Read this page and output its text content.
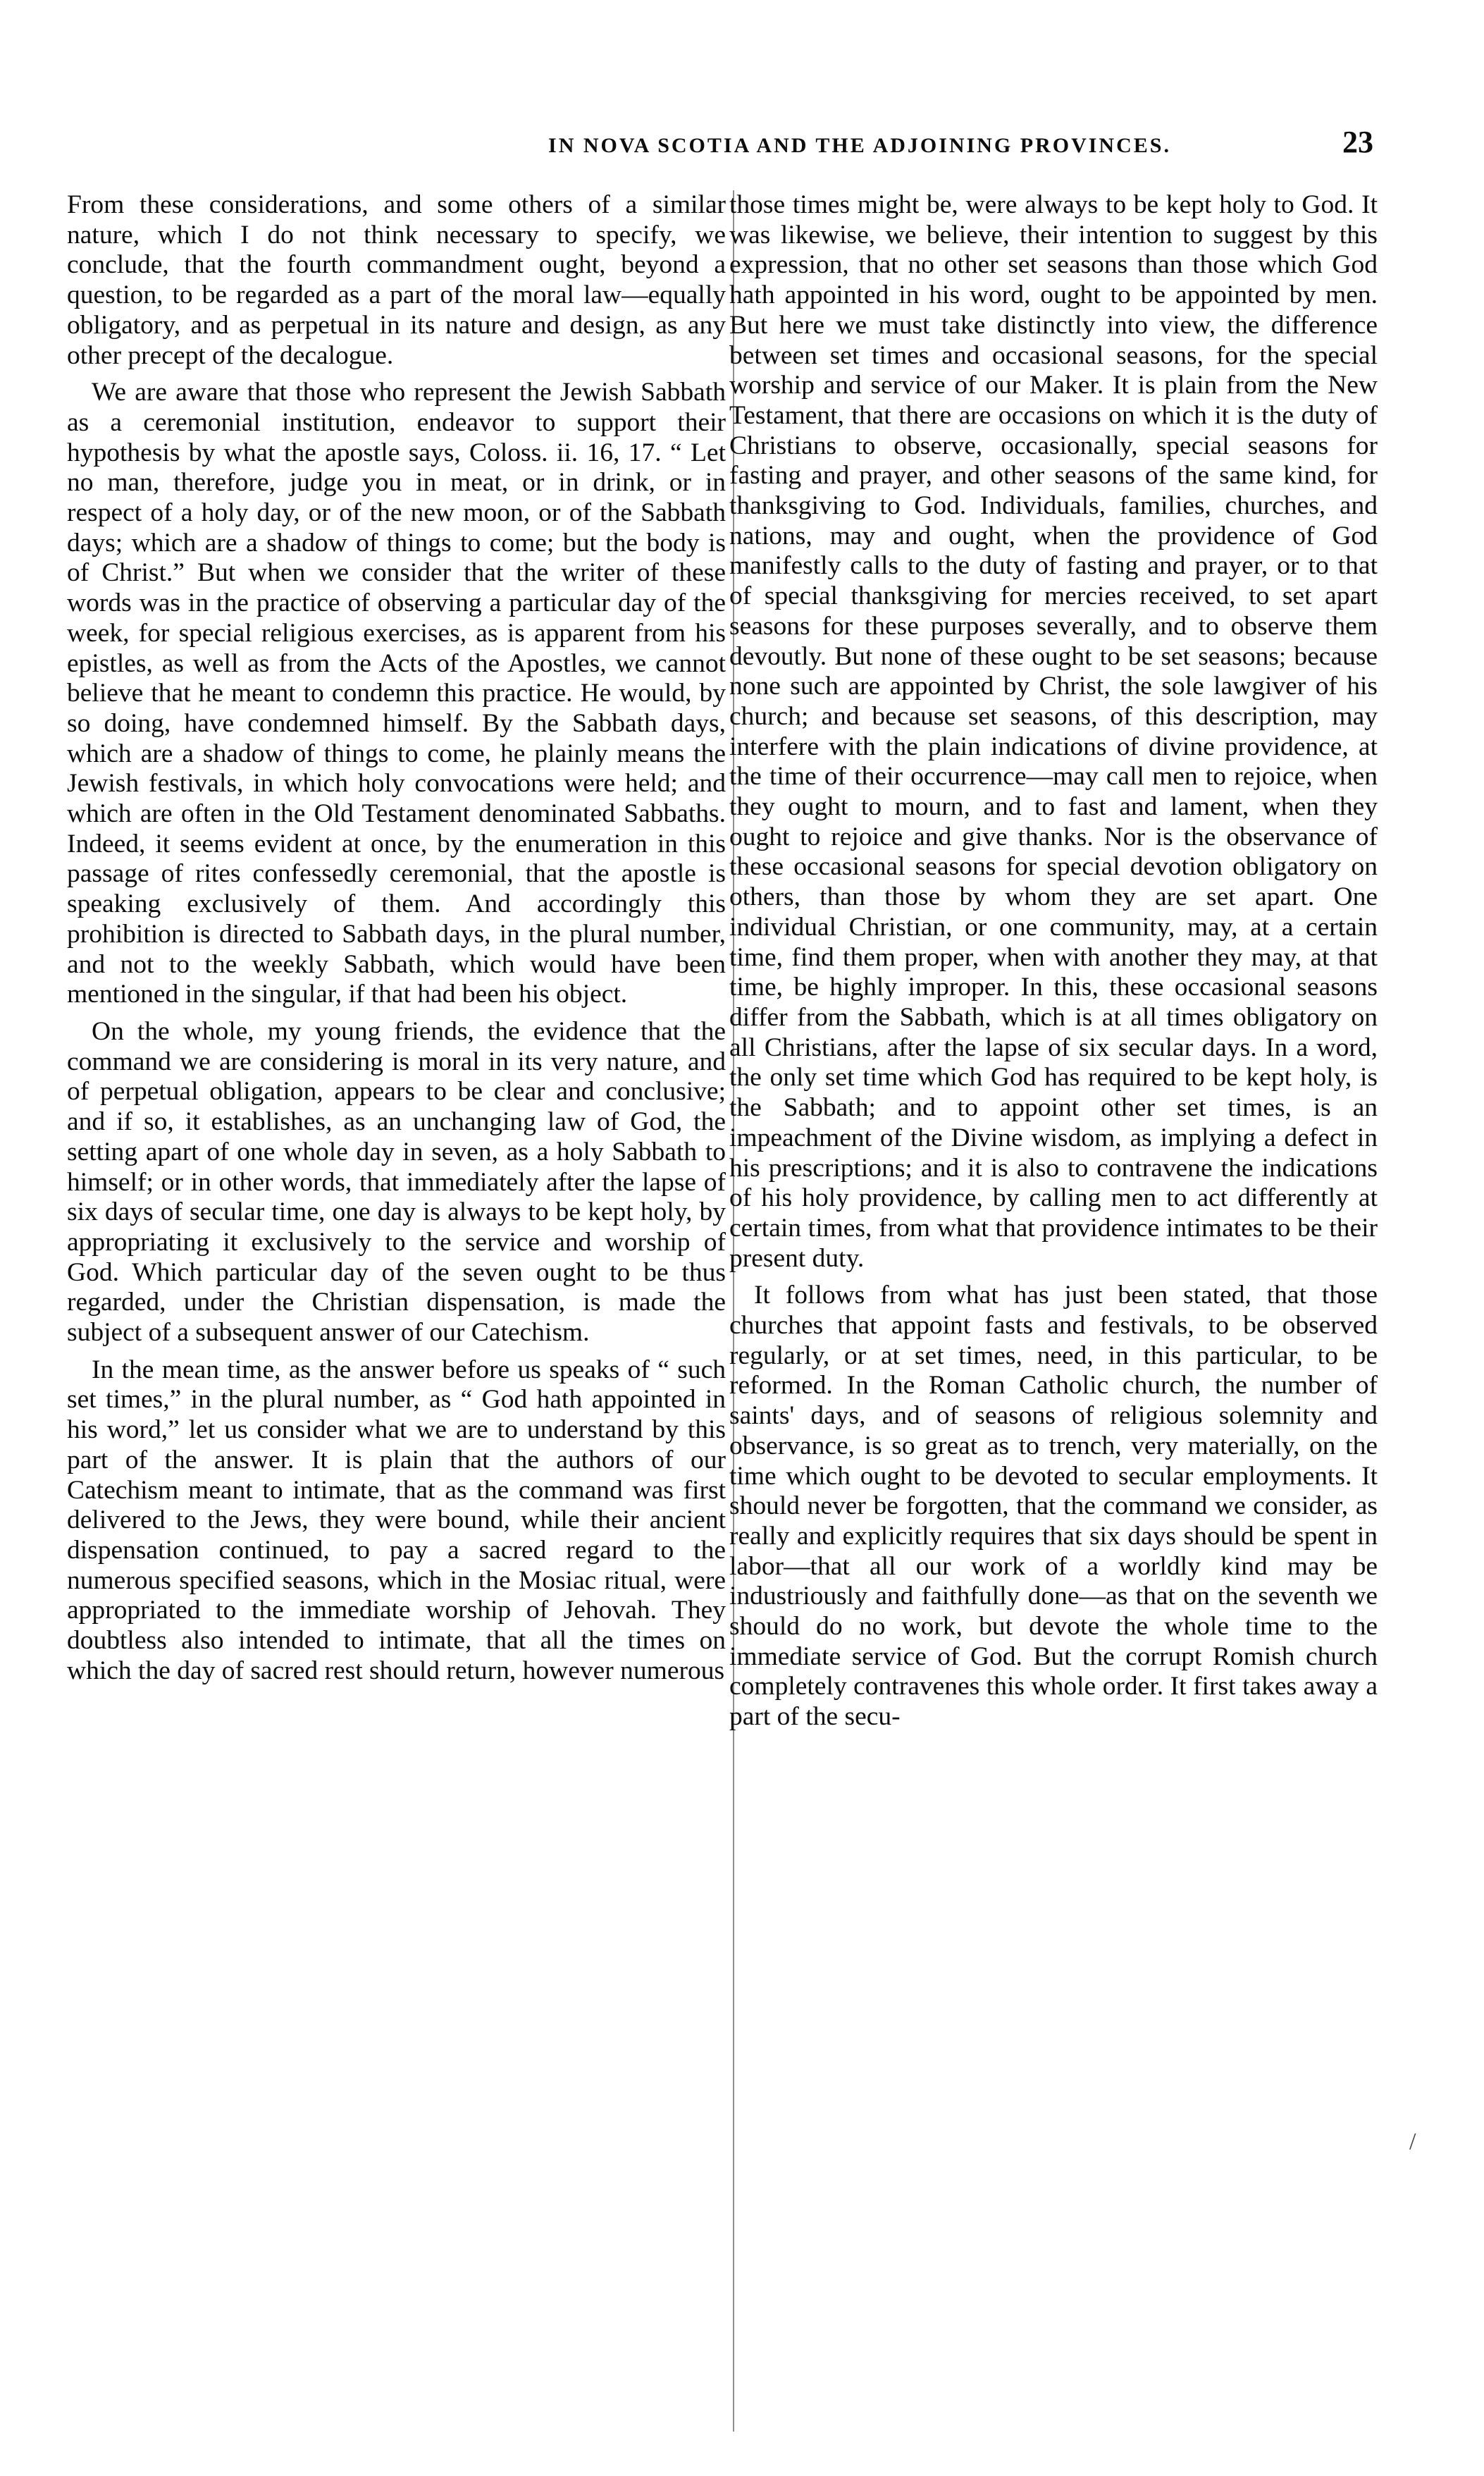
IN NOVA SCOTIA AND THE ADJOINING PROVINCES.	23

From these considerations, and some others of a similar nature, which I do not think necessary to specify, we conclude, that the fourth commandment ought, beyond a question, to be regarded as a part of the moral law—equally obligatory, and as perpetual in its nature and design, as any other precept of the decalogue.

We are aware that those who represent the Jewish Sabbath as a ceremonial institution, endeavor to support their hypothesis by what the apostle says, Coloss. ii. 16, 17. “ Let no man, therefore, judge you in meat, or in drink, or in respect of a holy day, or of the new moon, or of the Sabbath days; which are a shadow of things to come; but the body is of Christ.” But when we consider that the writer of these words was in the practice of observing a particular day of the week, for special religious exercises, as is apparent from his epistles, as well as from the Acts of the Apostles, we cannot believe that he meant to condemn this practice. He would, by so doing, have condemned himself. By the Sabbath days, which are a shadow of things to come, he plainly means the Jewish festivals, in which holy convocations were held; and which are often in the Old Testament denominated Sabbaths. Indeed, it seems evident at once, by the enumeration in this passage of rites confessedly ceremonial, that the apostle is speaking exclusively of them. And accordingly this prohibition is directed to Sabbath days, in the plural number, and not to the weekly Sabbath, which would have been mentioned in the singular, if that had been his object.

On the whole, my young friends, the evidence that the command we are considering is moral in its very nature, and of perpetual obligation, appears to be clear and conclusive; and if so, it establishes, as an unchanging law of God, the setting apart of one whole day in seven, as a holy Sabbath to himself; or in other words, that immediately after the lapse of six days of secular time, one day is always to be kept holy, by appropriating it exclusively to the service and worship of God. Which particular day of the seven ought to be thus regarded, under the Christian dispensation, is made the subject of a subsequent answer of our Catechism.

In the mean time, as the answer before us speaks of “ such set times,” in the plural number, as “ God hath appointed in his word,” let us consider what we are to understand by this part of the answer. It is plain that the authors of our Catechism meant to intimate, that as the command was first delivered to the Jews, they were bound, while their ancient dispensation continued, to pay a sacred regard to the numerous specified seasons, which in the Mosiac ritual, were appropriated to the immediate worship of Jehovah. They doubtless also intended to intimate, that all the times on which the day of sacred rest should return, however numerous

those times might be, were always to be kept holy to God. It was likewise, we believe, their intention to suggest by this expression, that no other set seasons than those which God hath appointed in his word, ought to be appointed by men. But here we must take distinctly into view, the difference between set times and occasional seasons, for the special worship and service of our Maker. It is plain from the New Testament, that there are occasions on which it is the duty of Christians to observe, occasionally, special seasons for fasting and prayer, and other seasons of the same kind, for thanksgiving to God. Individuals, families, churches, and nations, may and ought, when the providence of God manifestly calls to the duty of fasting and prayer, or to that of special thanksgiving for mercies received, to set apart seasons for these purposes severally, and to observe them devoutly. But none of these ought to be set seasons; because none such are appointed by Christ, the sole lawgiver of his church; and because set seasons, of this description, may interfere with the plain indications of divine providence, at the time of their occurrence—may call men to rejoice, when they ought to mourn, and to fast and lament, when they ought to rejoice and give thanks. Nor is the observance of these occasional seasons for special devotion obligatory on others, than those by whom they are set apart. One individual Christian, or one community, may, at a certain time, find them proper, when with another they may, at that time, be highly improper. In this, these occasional seasons differ from the Sabbath, which is at all times obligatory on all Christians, after the lapse of six secular days. In a word, the only set time which God has required to be kept holy, is the Sabbath; and to appoint other set times, is an impeachment of the Divine wisdom, as implying a defect in his prescriptions; and it is also to contravene the indications of his holy providence, by calling men to act differently at certain times, from what that providence intimates to be their present duty.

It follows from what has just been stated, that those churches that appoint fasts and festivals, to be observed regularly, or at set times, need, in this particular, to be reformed. In the Roman Catholic church, the number of saints' days, and of seasons of religious solemnity and observance, is so great as to trench, very materially, on the time which ought to be devoted to secular employments. It should never be forgotten, that the command we consider, as really and explicitly requires that six days should be spent in labor—that all our work of a worldly kind may be industriously and faithfully done—as that on the seventh we should do no work, but devote the whole time to the immediate service of God. But the corrupt Romish church completely contravenes this whole order. It first takes away a part of the secu-

/
